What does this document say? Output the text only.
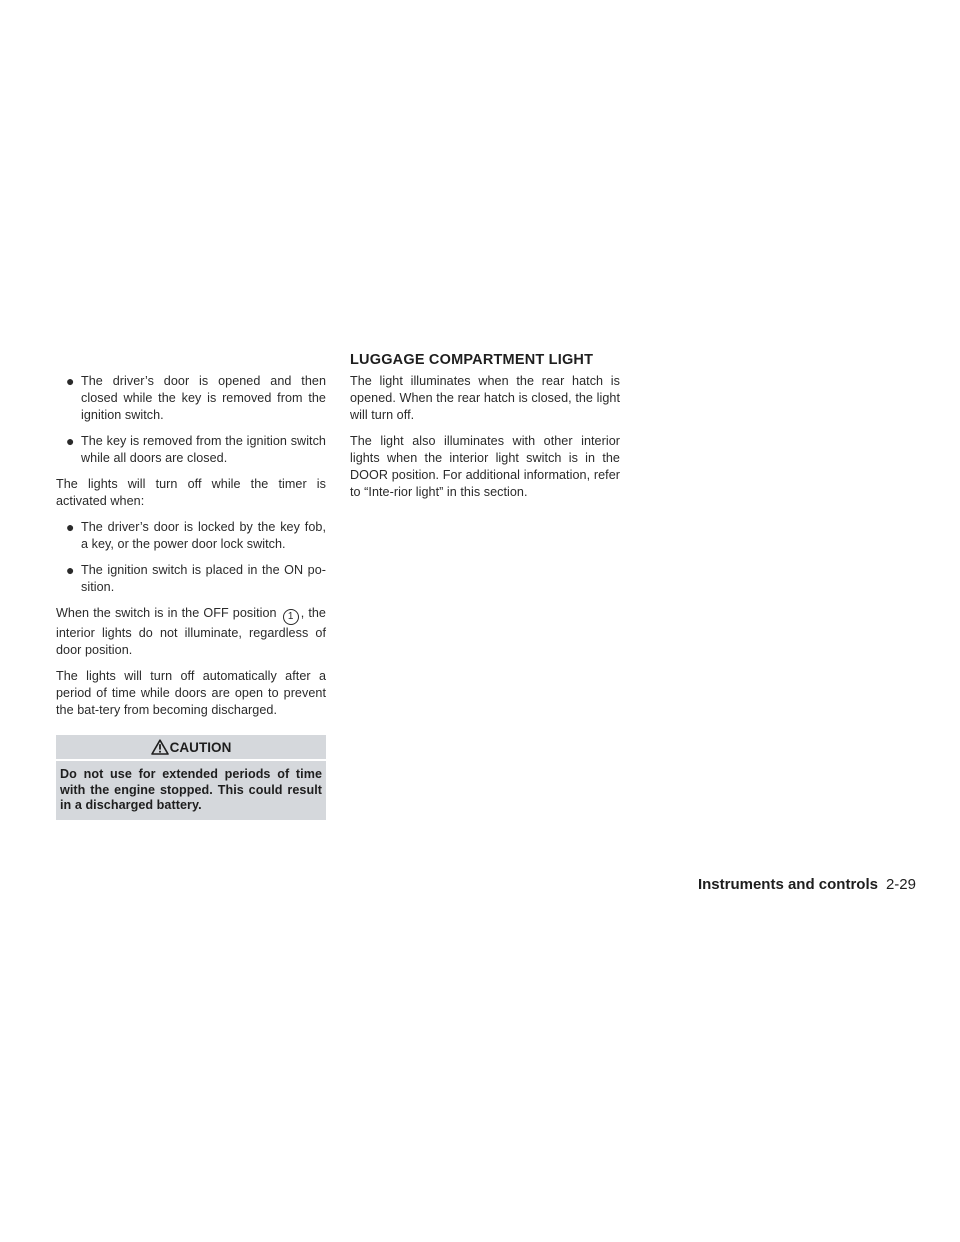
LUGGAGE COMPARTMENT LIGHT
● The driver’s door is opened and then closed while the key is removed from the ignition switch.
● The key is removed from the ignition switch while all doors are closed.

The lights will turn off while the timer is activated when:

● The driver’s door is locked by the key fob, a key, or the power door lock switch.
● The ignition switch is placed in the ON po-sition.

When the switch is in the OFF position 1 , the interior lights do not illuminate, regardless of door position.

The lights will turn off automatically after a period of time while doors are open to prevent the bat-tery from becoming discharged.

CAUTION
Do not use for extended periods of time with the engine stopped. This could result in a discharged battery.

The light illuminates when the rear hatch is opened. When the rear hatch is closed, the light will turn off.

The light also illuminates with other interior lights when the interior light switch is in the DOOR position. For additional information, refer to “Inte-rior light” in this section.

Instruments and controls 2-29
